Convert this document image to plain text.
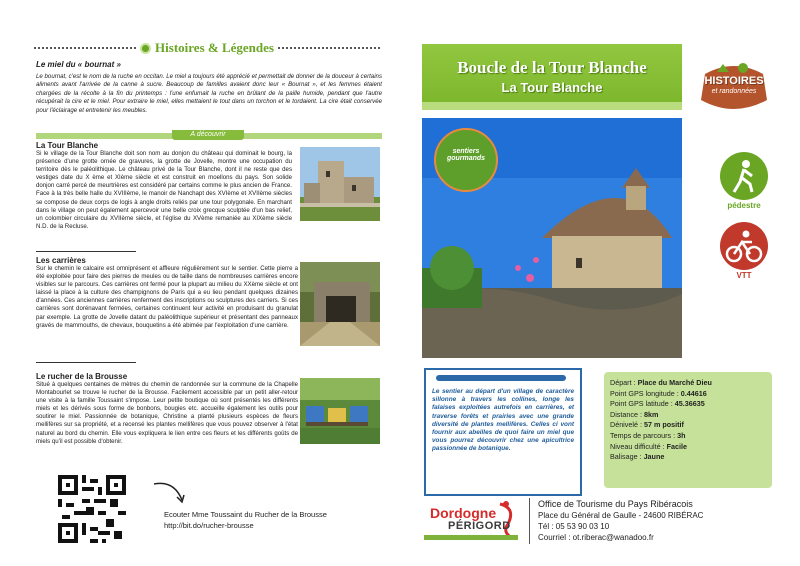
Histoires & Légendes
Le miel du « bournat »
Le bournat, c'est le nom de la ruche en occitan. Le miel a toujours été apprécié et permettait de donner de la douceur à certains aliments avant l'arrivée de la canne à sucre. Beaucoup de familles avaient donc leur « Bournat », et les femmes étaient chargées de la récolte à la fin du printemps : l'une enfumait la ruche en brûlant de la paille humide, pendant que l'autre récupérait la cire et le miel. Pour extraire le miel, elles mettaient le tout dans un torchon et le tordaient. La cire était conservée pour l'éclairage et entretenir les meubles.
A découvrir
La Tour Blanche
Si le village de la Tour Blanche doit son nom au donjon du château qui dominait le bourg, la présence d'une grotte ornée de gravures, la grotte de Jovelle, montre une occupation du territoire dès le paléolithique. Le château privé de la Tour Blanche, dont il ne reste que des vestiges date du X ème et XIème siècle et est construit en moellons du pays. Son solide donjon carré percé de meurtrières est considéré par certains comme le plus ancien de France. Face à la très belle halle du XVIIIème, le manoir de Nanchapt des XVIème et XVIIème siècles se compose de deux corps de logis à angle droits reliés par une tour polygonale. En marchant dans le village on peut également apercevoir une belle croix grecque sculptée d'un bas relief, un colombier circulaire du XVIIème siècle, et l'église du XVème remaniée au XIXème siècle N.D. de la Recluse.
Les carrières
Sur le chemin le calcaire est omniprésent et affleure régulièrement sur le sentier. Cette pierre a été exploitée pour faire des pierres de meules ou de taille dans de nombreuses carrières encore visibles sur le parcours. Ces carrières ont fermé pour la plupart au milieu du XXème siècle et ont laissé la place à la culture des champignons de Paris qui a eu lieu pendant quelques dizaines d'années. Ces anciennes carrières renferment des inscriptions ou sculptures des carriers. Si ces carrières sont dorénavant fermées, certaines continuent leur activité en produisant du granulat par exemple. La grotte de Jovelle datant du paléolithique supérieur et présentant des panneaux gravés de mammouths, de chevaux, bouquetins a été abimée par l'exploitation d'une carrière.
Le rucher de la Brousse
Situé à quelques centaines de mètres du chemin de randonnée sur la commune de la Chapelle Montabourlet se trouve le rucher de la Brousse. Facilement accessible par un petit aller-retour une visite à la famille Toussaint s'impose. Leur petite boutique où sont présentés les différents miels et les dérivés sous forme de bonbons, bougies etc. accueille également les outils pour soutirer le miel. Passionnée de botanique, Christine a planté plusieurs espèces de fleurs mellifères sur sa propriété, et a recensé les plantes mellifères que vous pouvez observer à l'état naturel au bord du chemin. Elle vous expliquera le lien entre ces fleurs et les différents goûts de miels qu'il est possible d'obtenir.
Ecouter Mme Toussaint du Rucher de la Brousse
http://bit.do/rucher-brousse
Boucle de la Tour Blanche
La Tour Blanche	HISTOIRES
et randonnées
sentiers gourmands
pédestre
VTT
Le sentier au départ d'un village de caractère sillonne à travers les collines, longe les falaises exploitées autrefois en carrières, et traverse forêts et prairies avec une grande diversité de plantes mellifères. Celles ci vont fournir aux abeilles de quoi faire un miel que vous pourrez découvrir chez une apicultrice passionnée de botanique.
Départ : Place du Marché Dieu
Point GPS longitude : 0.44616
Point GPS latitude : 45.36635
Distance : 8km
Dénivelé : 57 m positif
Temps de parcours : 3h
Niveau difficulté : Facile
Balisage : Jaune
Dordogne
PÉRIGORD
Office de Tourisme du Pays Ribéracois
Place du Général de Gaulle - 24600 RIBÉRAC
Tél : 05 53 90 03 10
Courriel : ot.riberac@wanadoo.fr
